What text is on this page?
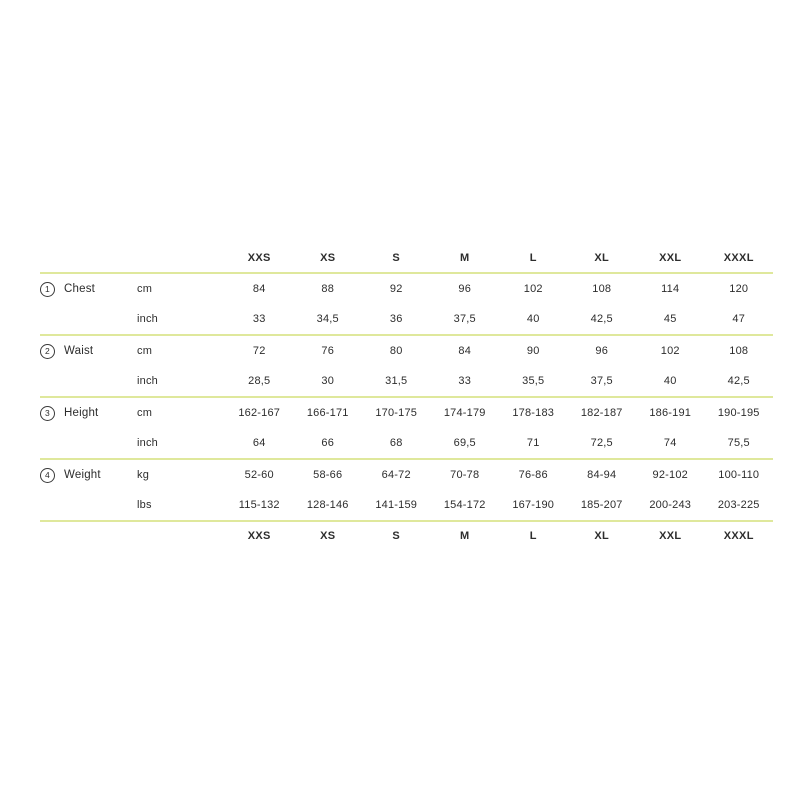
XXS	XS	S	M	L	XL	XXL	XXXL
1	Chest	cm	84	88	92	96	102	108	114	120
inch	33	34,5	36	37,5	40	42,5	45	47
2	Waist	cm	72	76	80	84	90	96	102	108
inch	28,5	30	31,5	33	35,5	37,5	40	42,5
3	Height	cm	162-167	166-171	170-175	174-179	178-183	182-187	186-191	190-195
inch	64	66	68	69,5	71	72,5	74	75,5
4	Weight	kg	52-60	58-66	64-72	70-78	76-86	84-94	92-102	100-110
lbs	115-132	128-146	141-159	154-172	167-190	185-207	200-243	203-225
XXS	XS	S	M	L	XL	XXL	XXXL
